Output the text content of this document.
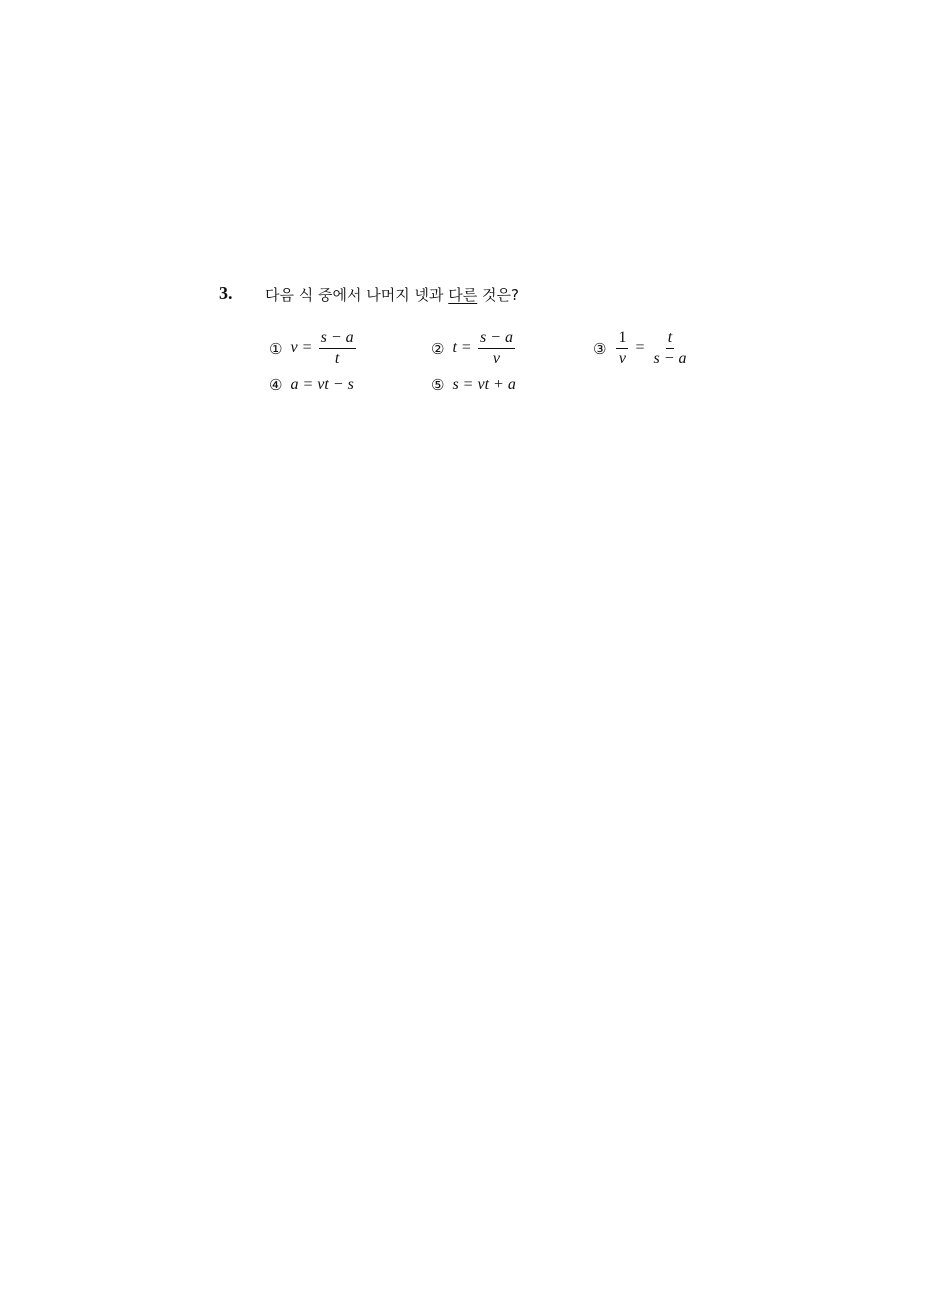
3. 다음 식 중에서 나머지 넷과 다른 것은?
① $v = \frac{s - a}{t}$	② $t = \frac{s - a}{v}$	③ $\frac{1}{v} = \frac{t}{s - a}$
④ a = vt − s	⑤ s = vt + a
